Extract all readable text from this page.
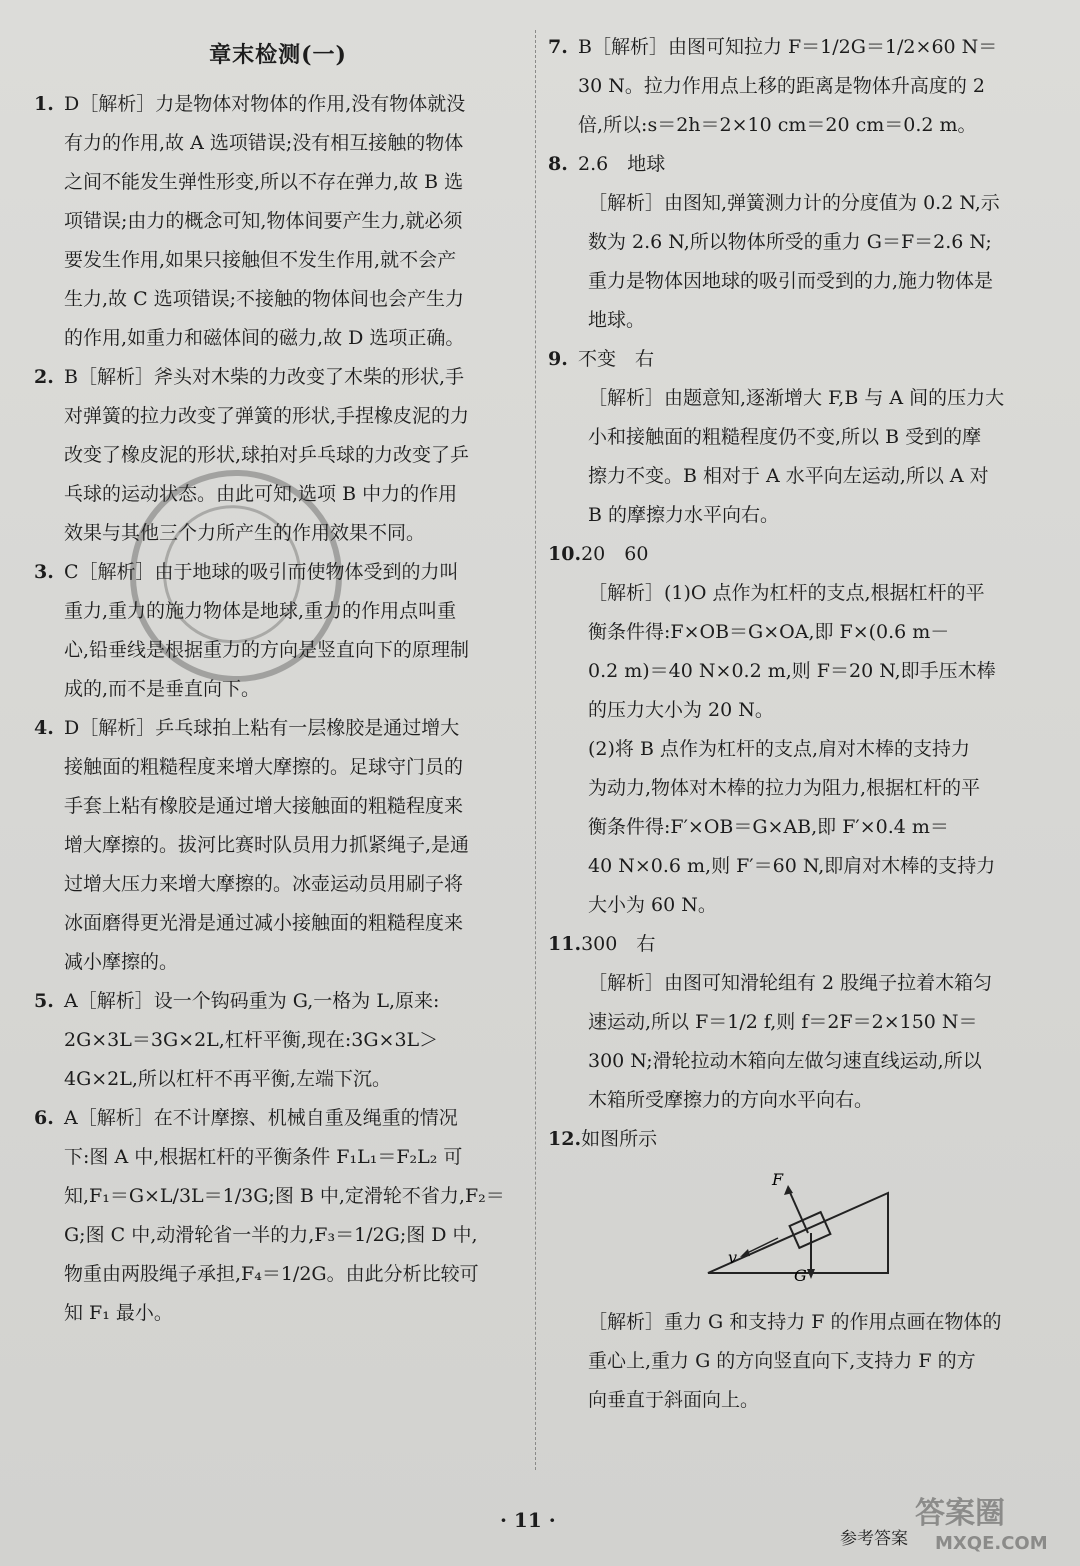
章末检测(一)

1. D［解析］力是物体对物体的作用,没有物体就没

有力的作用,故 A 选项错误;没有相互接触的物体

之间不能发生弹性形变,所以不存在弹力,故 B 选

项错误;由力的概念可知,物体间要产生力,就必须

要发生作用,如果只接触但不发生作用,就不会产

生力,故 C 选项错误;不接触的物体间也会产生力

的作用,如重力和磁体间的磁力,故 D 选项正确。

2. B［解析］斧头对木柴的力改变了木柴的形状,手

对弹簧的拉力改变了弹簧的形状,手捏橡皮泥的力

改变了橡皮泥的形状,球拍对乒乓球的力改变了乒

乓球的运动状态。由此可知,选项 B 中力的作用

效果与其他三个力所产生的作用效果不同。

3. C［解析］由于地球的吸引而使物体受到的力叫

重力,重力的施力物体是地球,重力的作用点叫重

心,铅垂线是根据重力的方向是竖直向下的原理制

成的,而不是垂直向下。

4. D［解析］乒乓球拍上粘有一层橡胶是通过增大

接触面的粗糙程度来增大摩擦的。足球守门员的

手套上粘有橡胶是通过增大接触面的粗糙程度来

增大摩擦的。拔河比赛时队员用力抓紧绳子,是通

过增大压力来增大摩擦的。冰壶运动员用刷子将

冰面磨得更光滑是通过减小接触面的粗糙程度来

减小摩擦的。

5. A［解析］设一个钩码重为 G,一格为 L,原来:

2G×3L＝3G×2L,杠杆平衡,现在:3G×3L＞

4G×2L,所以杠杆不再平衡,左端下沉。

6. A［解析］在不计摩擦、机械自重及绳重的情况

下:图 A 中,根据杠杆的平衡条件 F₁L₁＝F₂L₂ 可

知,F₁＝G×L/3L＝1/3G;图 B 中,定滑轮不省力,F₂＝

G;图 C 中,动滑轮省一半的力,F₃＝1/2G;图 D 中,

物重由两股绳子承担,F₄＝1/2G。由此分析比较可

知 F₁ 最小。

7. B［解析］由图可知拉力 F＝1/2G＝1/2×60 N＝

30 N。拉力作用点上移的距离是物体升高度的 2

倍,所以:s＝2h＝2×10 cm＝20 cm＝0.2 m。

8. 2.6　地球

［解析］由图知,弹簧测力计的分度值为 0.2 N,示

数为 2.6 N,所以物体所受的重力 G＝F＝2.6 N;

重力是物体因地球的吸引而受到的力,施力物体是

地球。

9. 不变　右

［解析］由题意知,逐渐增大 F,B 与 A 间的压力大

小和接触面的粗糙程度仍不变,所以 B 受到的摩

擦力不变。B 相对于 A 水平向左运动,所以 A 对

B 的摩擦力水平向右。

10.20　60

［解析］(1)O 点作为杠杆的支点,根据杠杆的平

衡条件得:F×OB＝G×OA,即 F×(0.6 m－

0.2 m)＝40 N×0.2 m,则 F＝20 N,即手压木棒

的压力大小为 20 N。

(2)将 B 点作为杠杆的支点,肩对木棒的支持力

为动力,物体对木棒的拉力为阻力,根据杠杆的平

衡条件得:F′×OB＝G×AB,即 F′×0.4 m＝

40 N×0.6 m,则 F′＝60 N,即肩对木棒的支持力

大小为 60 N。

11.300　右

［解析］由图可知滑轮组有 2 股绳子拉着木箱匀

速运动,所以 F＝1/2 f,则 f＝2F＝2×150 N＝

300 N;滑轮拉动木箱向左做匀速直线运动,所以

木箱所受摩擦力的方向水平向右。

12.如图所示

F
v
G

［解析］重力 G 和支持力 F 的作用点画在物体的

重心上,重力 G 的方向竖直向下,支持力 F 的方

向垂直于斜面向上。

· 11 ·
参考答案
答案圈
MXQE.COM
